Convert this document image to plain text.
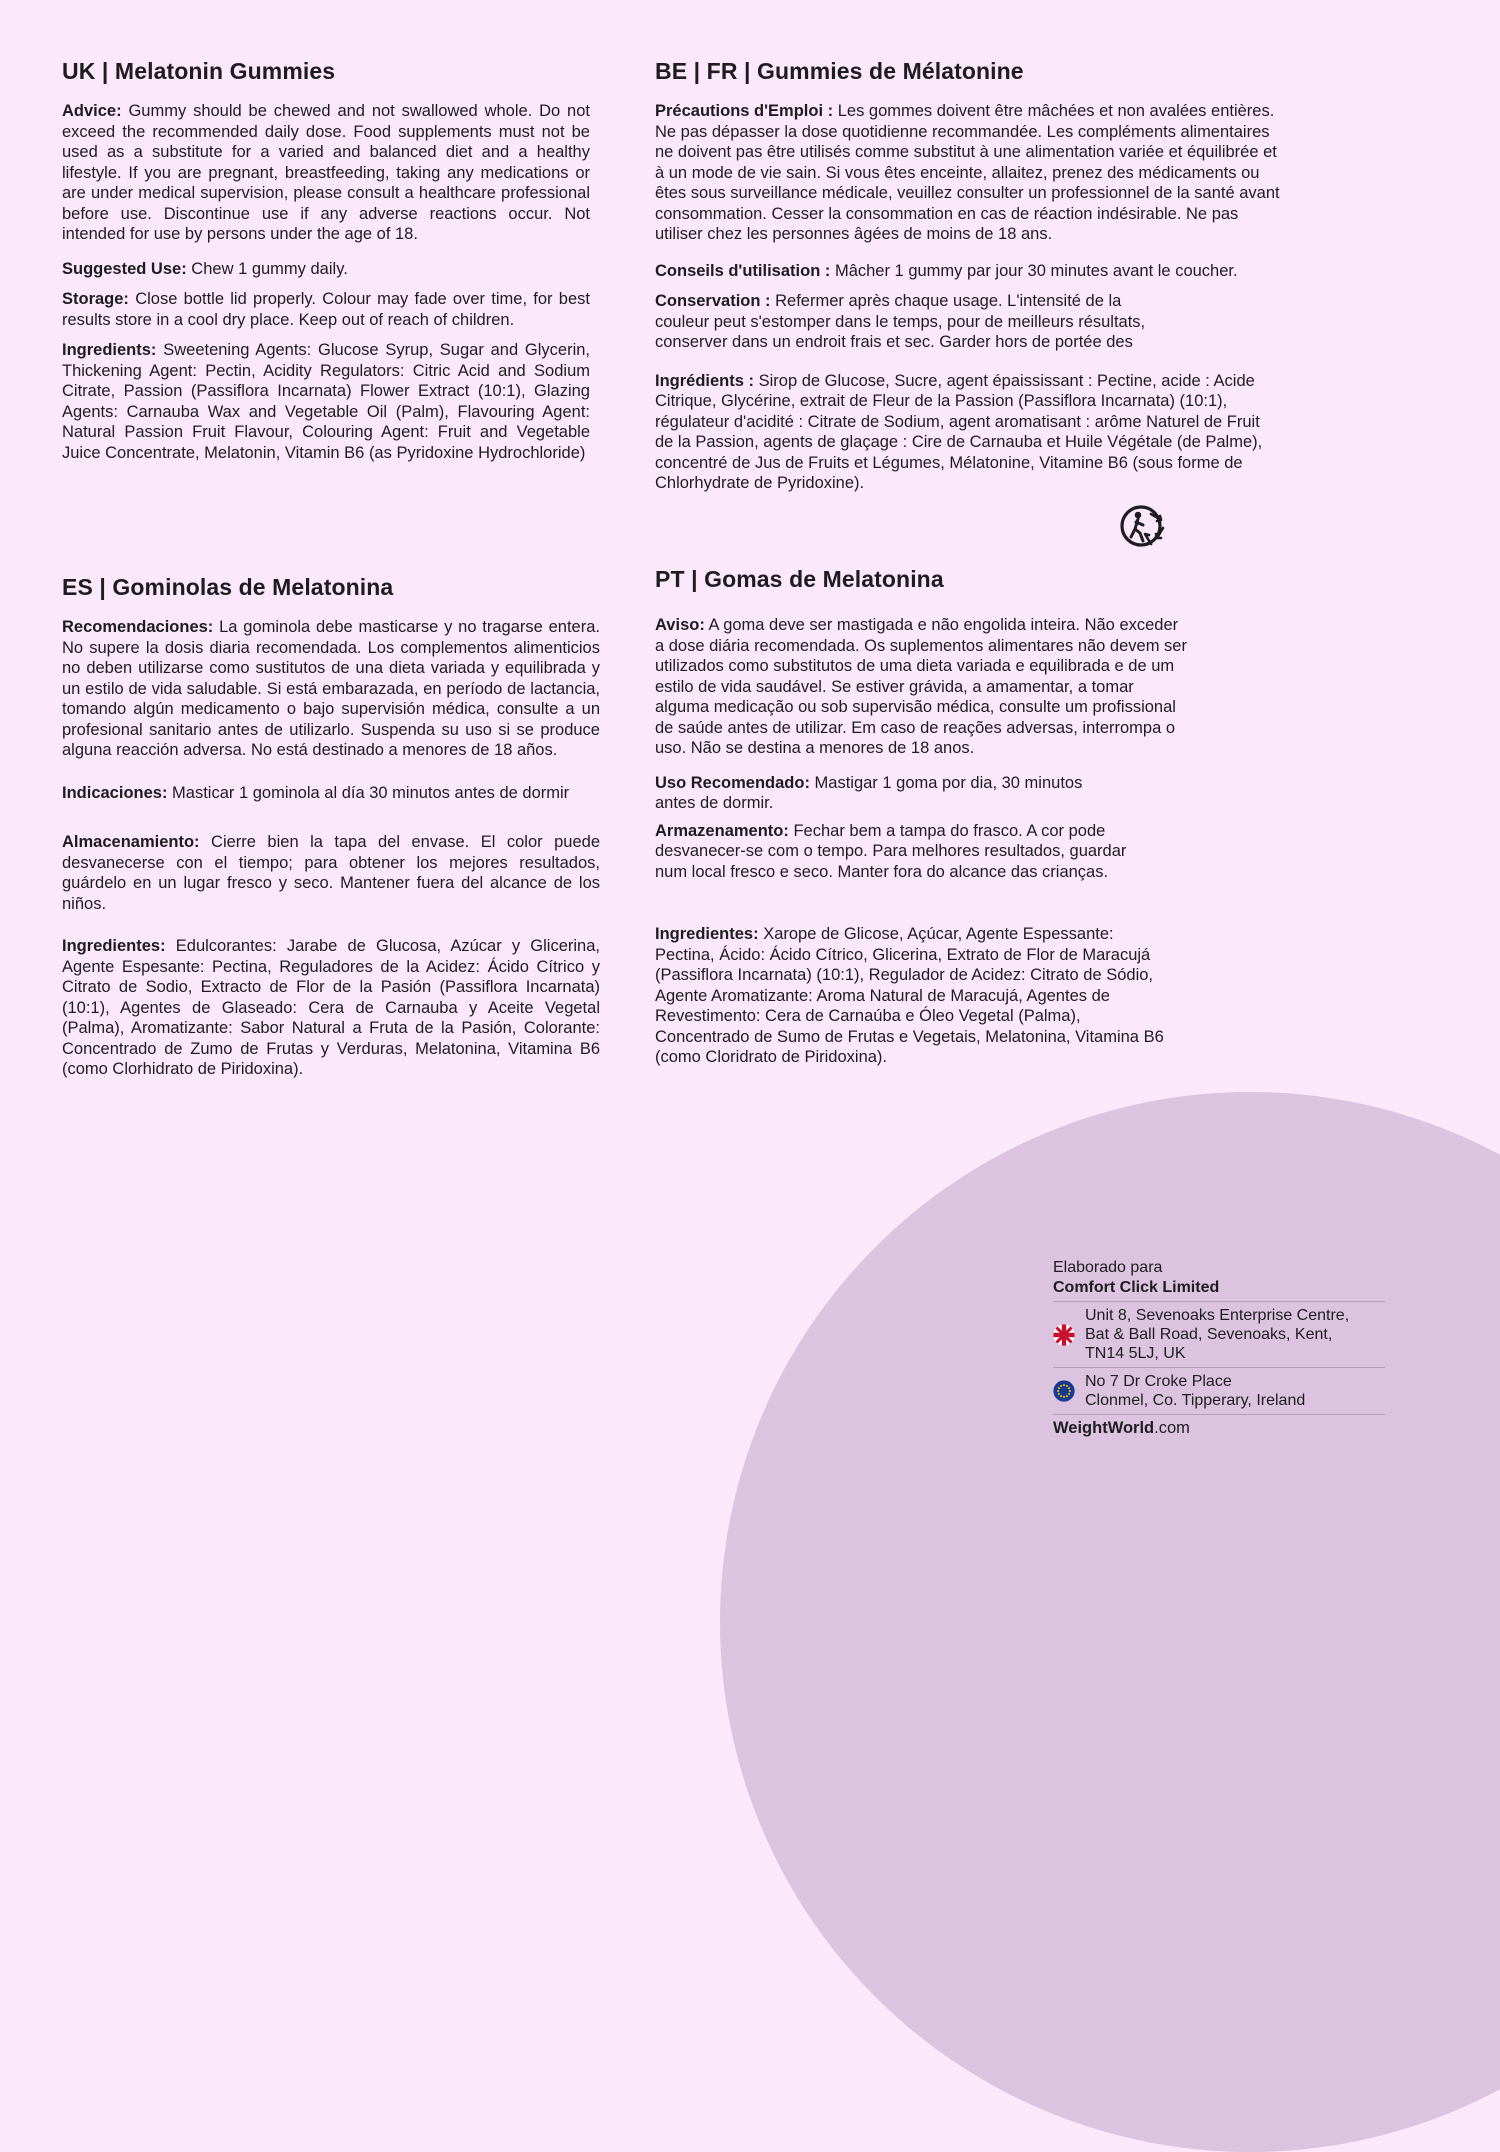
UK | Melatonin Gummies

Advice: Gummy should be chewed and not swallowed whole. Do not exceed the recommended daily dose. Food supplements must not be used as a substitute for a varied and balanced diet and a healthy lifestyle. If you are pregnant, breastfeeding, taking any medications or are under medical supervision, please consult a healthcare professional before use. Discontinue use if any adverse reactions occur. Not intended for use by persons under the age of 18.

Suggested Use: Chew 1 gummy daily.

Storage: Close bottle lid properly. Colour may fade over time, for best results store in a cool dry place. Keep out of reach of children.

Ingredients: Sweetening Agents: Glucose Syrup, Sugar and Glycerin, Thickening Agent: Pectin, Acidity Regulators: Citric Acid and Sodium Citrate, Passion (Passiflora Incarnata) Flower Extract (10:1), Glazing Agents: Carnauba Wax and Vegetable Oil (Palm), Flavouring Agent: Natural Passion Fruit Flavour, Colouring Agent: Fruit and Vegetable Juice Concentrate, Melatonin, Vitamin B6 (as Pyridoxine Hydrochloride)

BE | FR | Gummies de Mélatonine

Précautions d'Emploi : Les gommes doivent être mâchées et non avalées entières. Ne pas dépasser la dose quotidienne recommandée. Les compléments alimentaires ne doivent pas être utilisés comme substitut à une alimentation variée et équilibrée et à un mode de vie sain. Si vous êtes enceinte, allaitez, prenez des médicaments ou êtes sous surveillance médicale, veuillez consulter un professionnel de la santé avant consommation. Cesser la consommation en cas de réaction indésirable. Ne pas utiliser chez les personnes âgées de moins de 18 ans.

Conseils d'utilisation : Mâcher 1 gummy par jour 30 minutes avant le coucher.

Conservation : Refermer après chaque usage. L'intensité de la couleur peut s'estomper dans le temps, pour de meilleurs résultats, conserver dans un endroit frais et sec. Garder hors de portée des

Ingrédients : Sirop de Glucose, Sucre, agent épaississant : Pectine, acide : Acide Citrique, Glycérine, extrait de Fleur de la Passion (Passiflora Incarnata) (10:1), régulateur d'acidité : Citrate de Sodium, agent aromatisant : arôme Naturel de Fruit de la Passion, agents de glaçage : Cire de Carnauba et Huile Végétale (de Palme), concentré de Jus de Fruits et Légumes, Mélatonine, Vitamine B6 (sous forme de Chlorhydrate de Pyridoxine).

ES | Gominolas de Melatonina

Recomendaciones: La gominola debe masticarse y no tragarse entera. No supere la dosis diaria recomendada. Los complementos alimenticios no deben utilizarse como sustitutos de una dieta variada y equilibrada y un estilo de vida saludable. Si está embarazada, en período de lactancia, tomando algún medicamento o bajo supervisión médica, consulte a un profesional sanitario antes de utilizarlo. Suspenda su uso si se produce alguna reacción adversa. No está destinado a menores de 18 años.

Indicaciones: Masticar 1 gominola al día 30 minutos antes de dormir

Almacenamiento: Cierre bien la tapa del envase. El color puede desvanecerse con el tiempo; para obtener los mejores resultados, guárdelo en un lugar fresco y seco. Mantener fuera del alcance de los niños.

Ingredientes: Edulcorantes: Jarabe de Glucosa, Azúcar y Glicerina, Agente Espesante: Pectina, Reguladores de la Acidez: Ácido Cítrico y Citrato de Sodio, Extracto de Flor de la Pasión (Passiflora Incarnata) (10:1), Agentes de Glaseado: Cera de Carnauba y Aceite Vegetal (Palma), Aromatizante: Sabor Natural a Fruta de la Pasión, Colorante: Concentrado de Zumo de Frutas y Verduras, Melatonina, Vitamina B6 (como Clorhidrato de Piridoxina).

PT | Gomas de Melatonina

Aviso: A goma deve ser mastigada e não engolida inteira. Não exceder a dose diária recomendada. Os suplementos alimentares não devem ser utilizados como substitutos de uma dieta variada e equilibrada e de um estilo de vida saudável. Se estiver grávida, a amamentar, a tomar alguma medicação ou sob supervisão médica, consulte um profissional de saúde antes de utilizar. Em caso de reações adversas, interrompa o uso. Não se destina a menores de 18 anos.

Uso Recomendado: Mastigar 1 goma por dia, 30 minutos antes de dormir.

Armazenamento: Fechar bem a tampa do frasco. A cor pode desvanecer-se com o tempo. Para melhores resultados, guardar num local fresco e seco. Manter fora do alcance das crianças.

Ingredientes: Xarope de Glicose, Açúcar, Agente Espessante: Pectina, Ácido: Ácido Cítrico, Glicerina, Extrato de Flor de Maracujá (Passiflora Incarnata) (10:1), Regulador de Acidez: Citrato de Sódio, Agente Aromatizante: Aroma Natural de Maracujá, Agentes de Revestimento: Cera de Carnaúba e Óleo Vegetal (Palma), Concentrado de Sumo de Frutas e Vegetais, Melatonina, Vitamina B6 (como Cloridrato de Piridoxina).

Elaborado para
Comfort Click Limited
Unit 8, Sevenoaks Enterprise Centre,
Bat & Ball Road, Sevenoaks, Kent,
TN14 5LJ, UK
No 7 Dr Croke Place
Clonmel, Co. Tipperary, Ireland
WeightWorld.com
